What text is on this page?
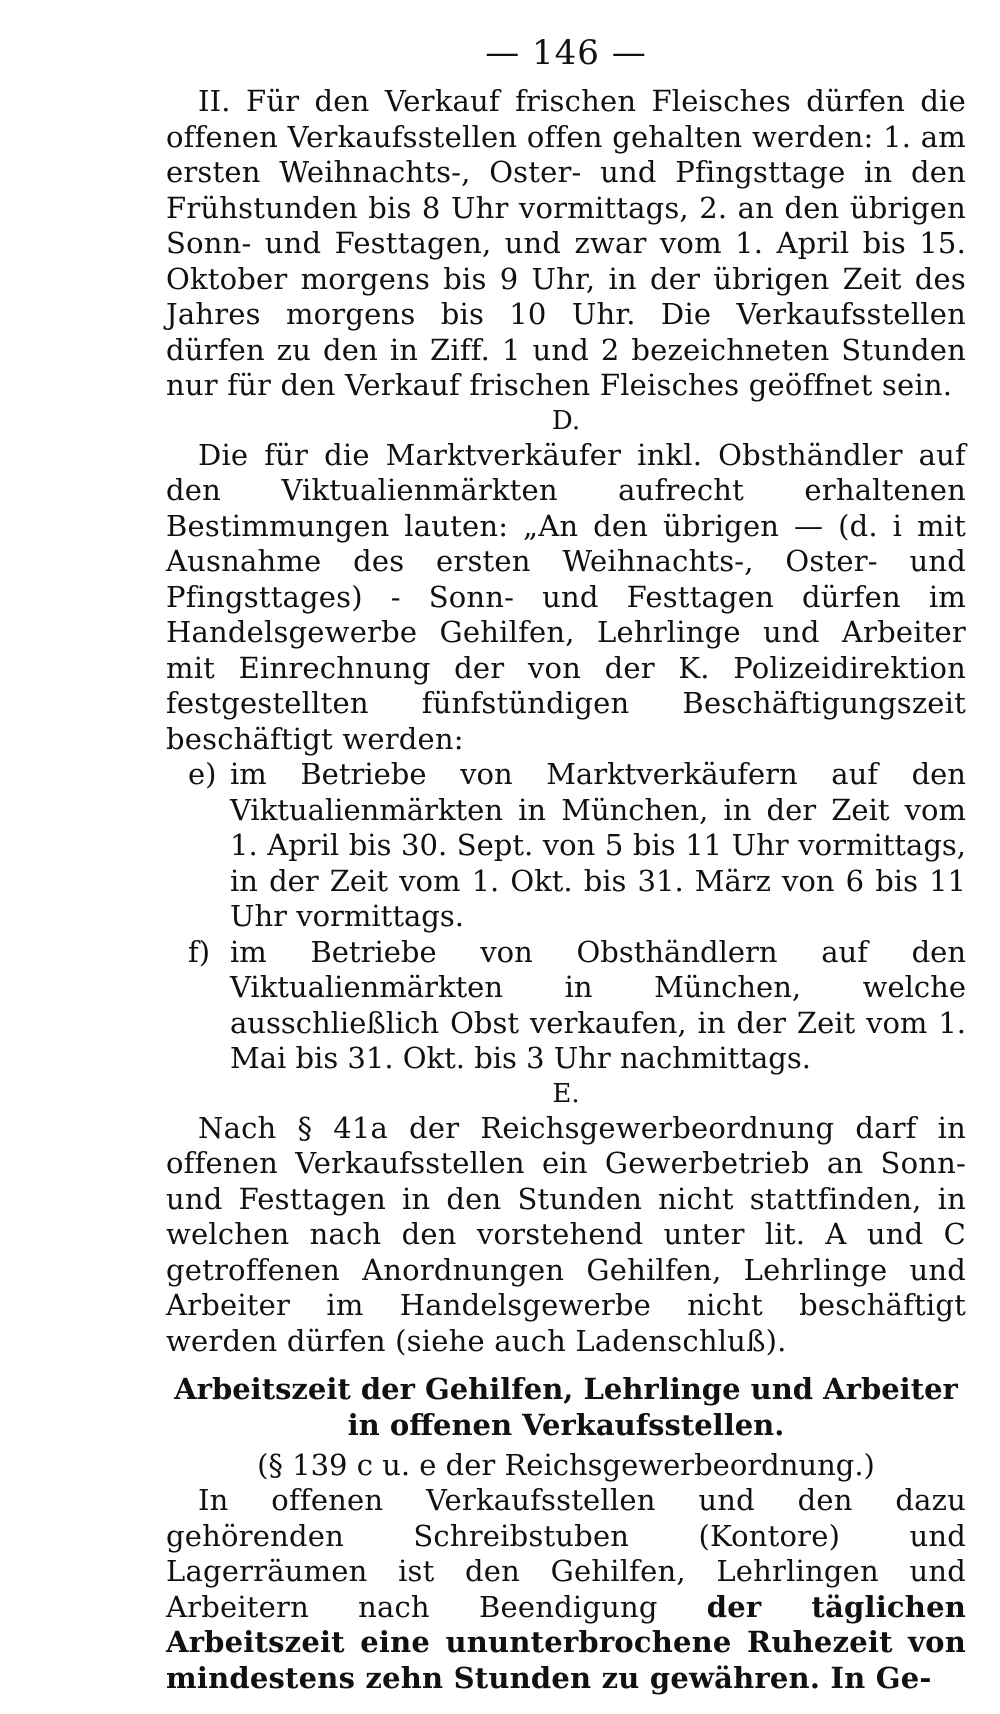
— 146 —

II. Für den Verkauf frischen Fleisches dürfen die offenen Verkaufsstellen offen gehalten werden: 1. am ersten Weihnachts-, Oster- und Pfingsttage in den Frühstunden bis 8 Uhr vormittags, 2. an den übrigen Sonn- und Festtagen, und zwar vom 1. April bis 15. Oktober morgens bis 9 Uhr, in der übrigen Zeit des Jahres morgens bis 10 Uhr. Die Verkaufsstellen dürfen zu den in Ziff. 1 und 2 bezeichneten Stunden nur für den Verkauf frischen Fleisches geöffnet sein.

D.

Die für die Marktverkäufer inkl. Obsthändler auf den Viktualienmärkten aufrecht erhaltenen Bestimmungen lauten: „An den übrigen — (d. i mit Ausnahme des ersten Weihnachts-, Oster- und Pfingsttages) - Sonn- und Festtagen dürfen im Handelsgewerbe Gehilfen, Lehrlinge und Arbeiter mit Einrechnung der von der K. Polizeidirektion festgestellten fünfstündigen Beschäftigungszeit beschäftigt werden:

e) im Betriebe von Marktverkäufern auf den Viktualienmärkten in München, in der Zeit vom 1. April bis 30. Sept. von 5 bis 11 Uhr vormittags, in der Zeit vom 1. Okt. bis 31. März von 6 bis 11 Uhr vormittags.
f) im Betriebe von Obsthändlern auf den Viktualienmärkten in München, welche ausschließlich Obst verkaufen, in der Zeit vom 1. Mai bis 31. Okt. bis 3 Uhr nachmittags.
E.

Nach § 41a der Reichsgewerbeordnung darf in offenen Verkaufsstellen ein Gewerbetrieb an Sonn- und Festtagen in den Stunden nicht stattfinden, in welchen nach den vorstehend unter lit. A und C getroffenen Anordnungen Gehilfen, Lehrlinge und Arbeiter im Handelsgewerbe nicht beschäftigt werden dürfen (siehe auch Ladenschluß).

Arbeitszeit der Gehilfen, Lehrlinge und Arbeiter in offenen Verkaufsstellen.
(§ 139 c u. e der Reichsgewerbeordnung.)

In offenen Verkaufsstellen und den dazu gehörenden Schreibstuben (Kontore) und Lagerräumen ist den Gehilfen, Lehrlingen und Arbeitern nach Beendigung der täglichen Arbeitszeit eine ununterbrochene Ruhezeit von mindestens zehn Stunden zu gewähren. In Ge-
